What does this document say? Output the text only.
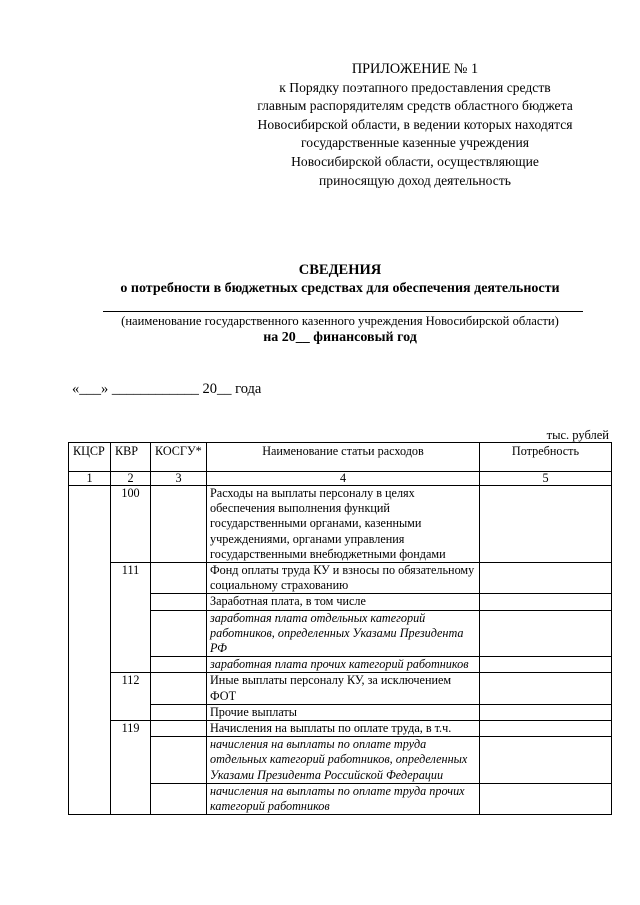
ПРИЛОЖЕНИЕ № 1
к Порядку поэтапного предоставления средств
главным распорядителям средств областного бюджета
Новосибирской области, в ведении которых находятся
государственные казенные учреждения
Новосибирской области, осуществляющие
приносящую доход деятельность
СВЕДЕНИЯ
о потребности в бюджетных средствах для обеспечения деятельности
(наименование государственного казенного учреждения Новосибирской области)
на 20__ финансовый год
«___» ____________ 20__ года
тыс. рублей
КЦСР	КВР	КОСГУ*	Наименование статьи расходов	Потребность
1	2	3	4	5
	100		Расходы на выплаты персоналу в целях обеспечения выполнения функций государственными органами, казенными учреждениями, органами управления государственными внебюджетными фондами	
	111		Фонд оплаты труда КУ и взносы по обязательному социальному страхованию	
			Заработная плата, в том числе	
			заработная плата отдельных категорий работников, определенных Указами Президента РФ	
			заработная плата прочих категорий работников	
	112		Иные выплаты персоналу КУ, за исключением ФОТ	
			Прочие выплаты	
	119		Начисления на выплаты по оплате труда, в т.ч.	
			начисления на выплаты по оплате труда отдельных категорий работников, определенных Указами Президента Российской Федерации	
			начисления на выплаты по оплате труда прочих категорий работников	
